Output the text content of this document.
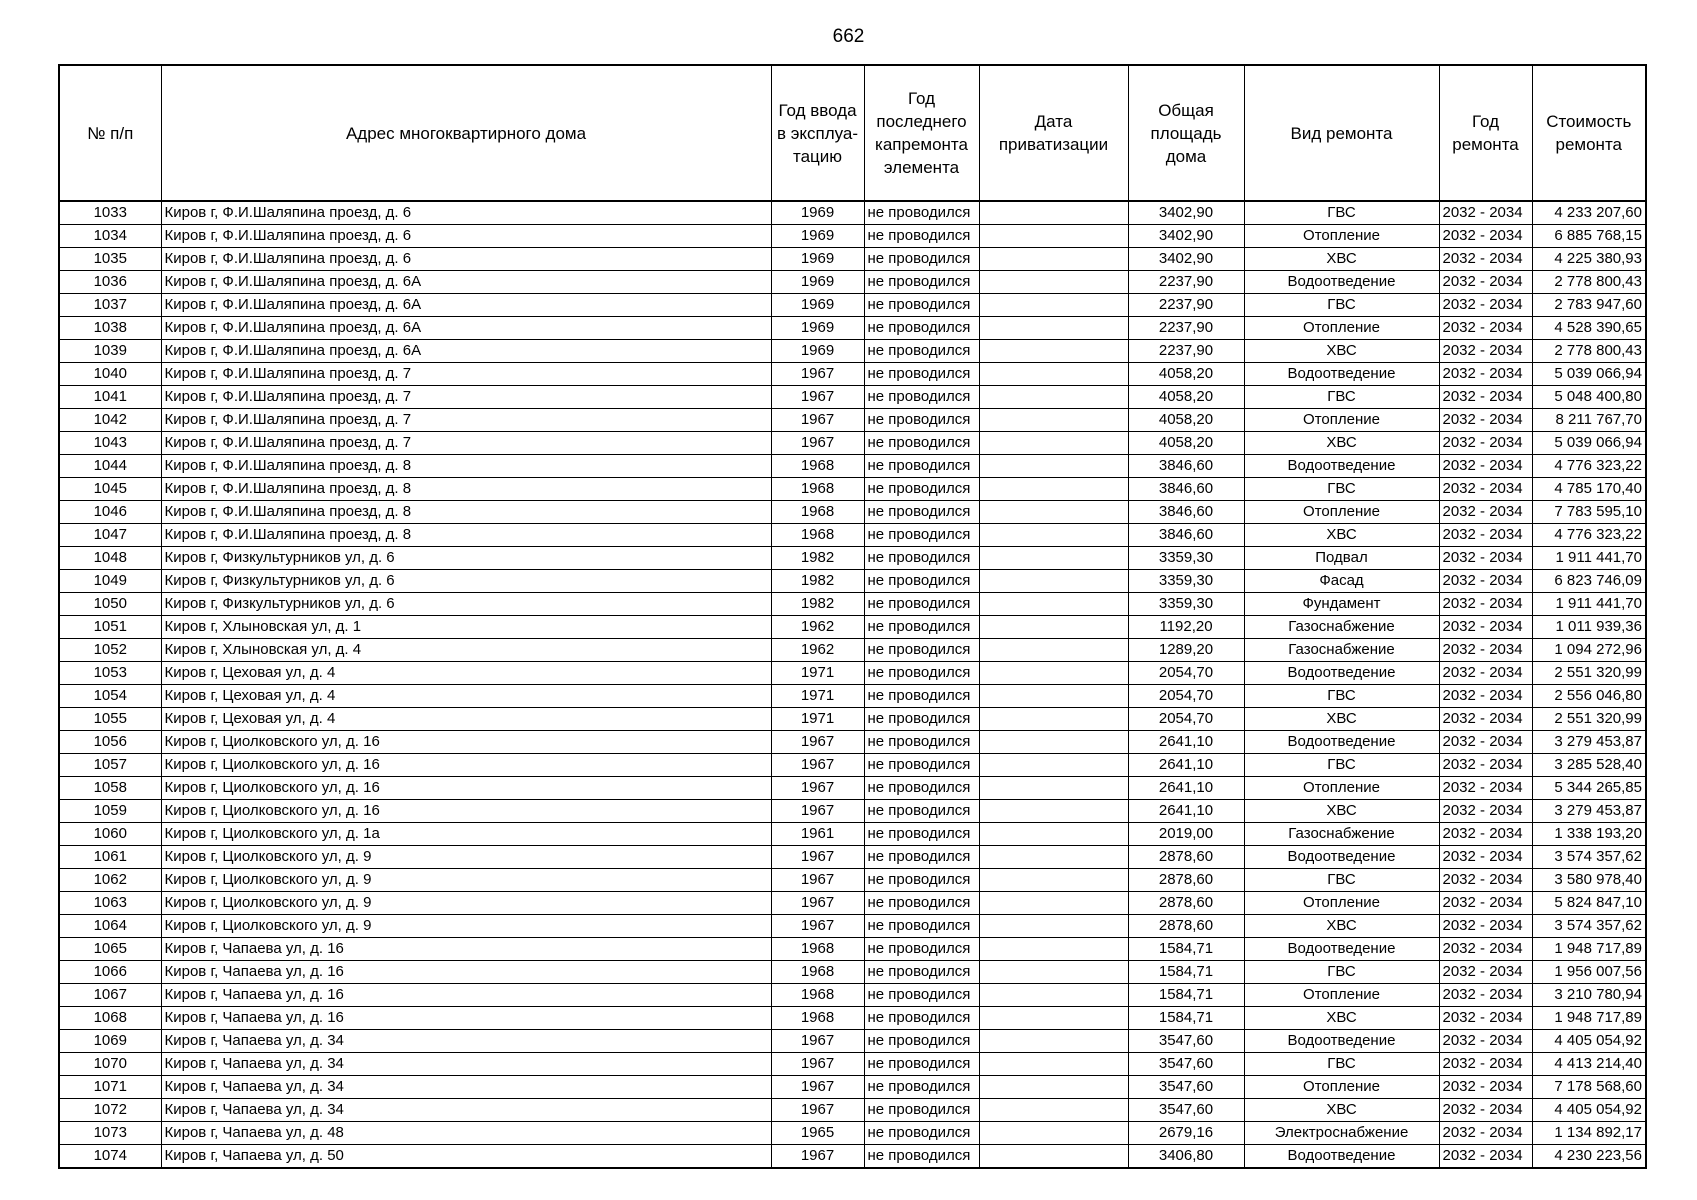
662
№ п/п	Адрес многоквартирного дома	Год ввода в эксплуа-тацию	Год последнего капремонта элемента	Дата приватизации	Общая площадь дома	Вид ремонта	Год ремонта	Стоимость ремонта
1033	Киров г, Ф.И.Шаляпина проезд, д. 6	1969	не проводился		3402,90	ГВС	2032 - 2034	4 233 207,60
1034	Киров г, Ф.И.Шаляпина проезд, д. 6	1969	не проводился		3402,90	Отопление	2032 - 2034	6 885 768,15
1035	Киров г, Ф.И.Шаляпина проезд, д. 6	1969	не проводился		3402,90	ХВС	2032 - 2034	4 225 380,93
1036	Киров г, Ф.И.Шаляпина проезд, д. 6А	1969	не проводился		2237,90	Водоотведение	2032 - 2034	2 778 800,43
1037	Киров г, Ф.И.Шаляпина проезд, д. 6А	1969	не проводился		2237,90	ГВС	2032 - 2034	2 783 947,60
1038	Киров г, Ф.И.Шаляпина проезд, д. 6А	1969	не проводился		2237,90	Отопление	2032 - 2034	4 528 390,65
1039	Киров г, Ф.И.Шаляпина проезд, д. 6А	1969	не проводился		2237,90	ХВС	2032 - 2034	2 778 800,43
1040	Киров г, Ф.И.Шаляпина проезд, д. 7	1967	не проводился		4058,20	Водоотведение	2032 - 2034	5 039 066,94
1041	Киров г, Ф.И.Шаляпина проезд, д. 7	1967	не проводился		4058,20	ГВС	2032 - 2034	5 048 400,80
1042	Киров г, Ф.И.Шаляпина проезд, д. 7	1967	не проводился		4058,20	Отопление	2032 - 2034	8 211 767,70
1043	Киров г, Ф.И.Шаляпина проезд, д. 7	1967	не проводился		4058,20	ХВС	2032 - 2034	5 039 066,94
1044	Киров г, Ф.И.Шаляпина проезд, д. 8	1968	не проводился		3846,60	Водоотведение	2032 - 2034	4 776 323,22
1045	Киров г, Ф.И.Шаляпина проезд, д. 8	1968	не проводился		3846,60	ГВС	2032 - 2034	4 785 170,40
1046	Киров г, Ф.И.Шаляпина проезд, д. 8	1968	не проводился		3846,60	Отопление	2032 - 2034	7 783 595,10
1047	Киров г, Ф.И.Шаляпина проезд, д. 8	1968	не проводился		3846,60	ХВС	2032 - 2034	4 776 323,22
1048	Киров г, Физкультурников ул, д. 6	1982	не проводился		3359,30	Подвал	2032 - 2034	1 911 441,70
1049	Киров г, Физкультурников ул, д. 6	1982	не проводился		3359,30	Фасад	2032 - 2034	6 823 746,09
1050	Киров г, Физкультурников ул, д. 6	1982	не проводился		3359,30	Фундамент	2032 - 2034	1 911 441,70
1051	Киров г, Хлыновская ул, д. 1	1962	не проводился		1192,20	Газоснабжение	2032 - 2034	1 011 939,36
1052	Киров г, Хлыновская ул, д. 4	1962	не проводился		1289,20	Газоснабжение	2032 - 2034	1 094 272,96
1053	Киров г, Цеховая ул, д. 4	1971	не проводился		2054,70	Водоотведение	2032 - 2034	2 551 320,99
1054	Киров г, Цеховая ул, д. 4	1971	не проводился		2054,70	ГВС	2032 - 2034	2 556 046,80
1055	Киров г, Цеховая ул, д. 4	1971	не проводился		2054,70	ХВС	2032 - 2034	2 551 320,99
1056	Киров г, Циолковского ул, д. 16	1967	не проводился		2641,10	Водоотведение	2032 - 2034	3 279 453,87
1057	Киров г, Циолковского ул, д. 16	1967	не проводился		2641,10	ГВС	2032 - 2034	3 285 528,40
1058	Киров г, Циолковского ул, д. 16	1967	не проводился		2641,10	Отопление	2032 - 2034	5 344 265,85
1059	Киров г, Циолковского ул, д. 16	1967	не проводился		2641,10	ХВС	2032 - 2034	3 279 453,87
1060	Киров г, Циолковского ул, д. 1а	1961	не проводился		2019,00	Газоснабжение	2032 - 2034	1 338 193,20
1061	Киров г, Циолковского ул, д. 9	1967	не проводился		2878,60	Водоотведение	2032 - 2034	3 574 357,62
1062	Киров г, Циолковского ул, д. 9	1967	не проводился		2878,60	ГВС	2032 - 2034	3 580 978,40
1063	Киров г, Циолковского ул, д. 9	1967	не проводился		2878,60	Отопление	2032 - 2034	5 824 847,10
1064	Киров г, Циолковского ул, д. 9	1967	не проводился		2878,60	ХВС	2032 - 2034	3 574 357,62
1065	Киров г, Чапаева ул, д. 16	1968	не проводился		1584,71	Водоотведение	2032 - 2034	1 948 717,89
1066	Киров г, Чапаева ул, д. 16	1968	не проводился		1584,71	ГВС	2032 - 2034	1 956 007,56
1067	Киров г, Чапаева ул, д. 16	1968	не проводился		1584,71	Отопление	2032 - 2034	3 210 780,94
1068	Киров г, Чапаева ул, д. 16	1968	не проводился		1584,71	ХВС	2032 - 2034	1 948 717,89
1069	Киров г, Чапаева ул, д. 34	1967	не проводился		3547,60	Водоотведение	2032 - 2034	4 405 054,92
1070	Киров г, Чапаева ул, д. 34	1967	не проводился		3547,60	ГВС	2032 - 2034	4 413 214,40
1071	Киров г, Чапаева ул, д. 34	1967	не проводился		3547,60	Отопление	2032 - 2034	7 178 568,60
1072	Киров г, Чапаева ул, д. 34	1967	не проводился		3547,60	ХВС	2032 - 2034	4 405 054,92
1073	Киров г, Чапаева ул, д. 48	1965	не проводился		2679,16	Электроснабжение	2032 - 2034	1 134 892,17
1074	Киров г, Чапаева ул, д. 50	1967	не проводился		3406,80	Водоотведение	2032 - 2034	4 230 223,56
